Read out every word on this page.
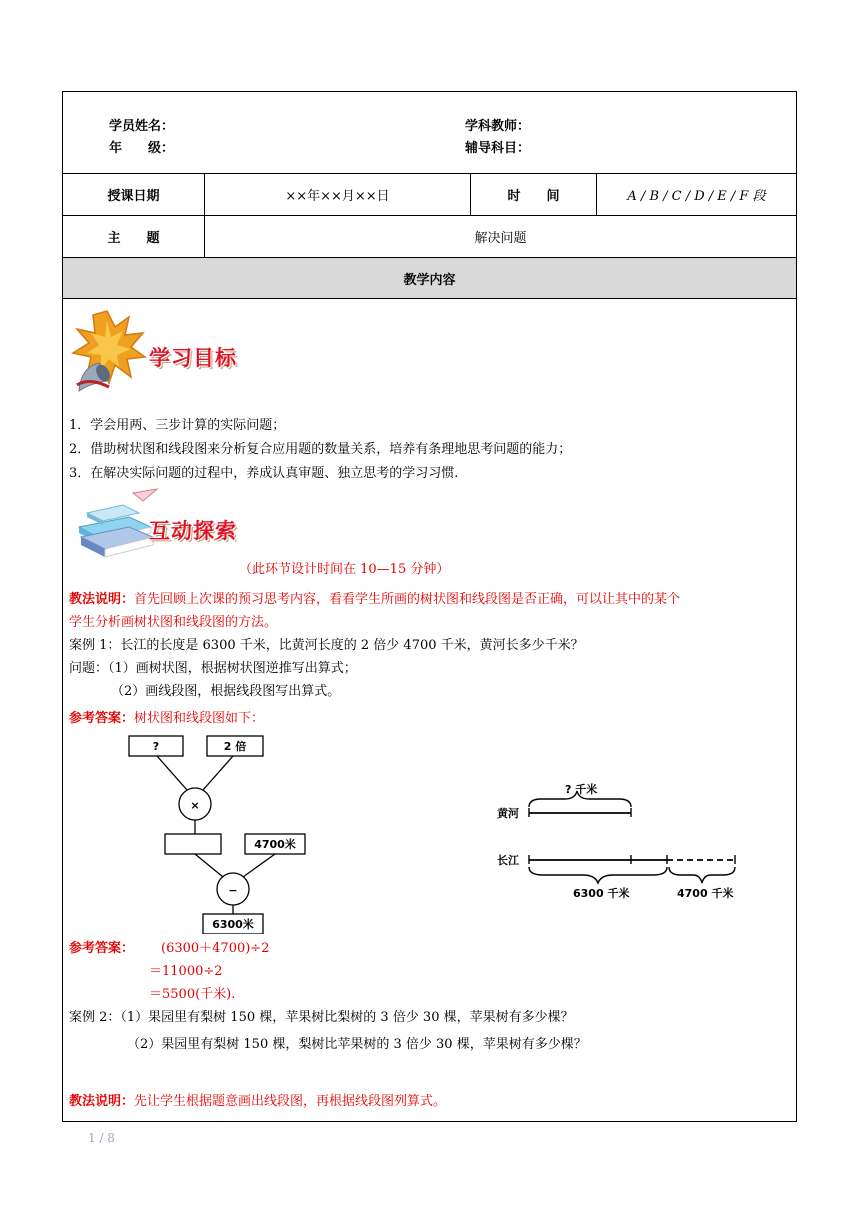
学员姓名：
年　　级：
学科教师：
辅导科目：
授课日期	××年××月××日	时　　间	A / B / C / D / E / F 段
主　　题	解决问题
教学内容
学习目标
1．学会用两、三步计算的实际问题；
2．借助树状图和线段图来分析复合应用题的数量关系，培养有条理地思考问题的能力；
3．在解决实际问题的过程中，养成认真审题、独立思考的学习习惯.
互动探索
（此环节设计时间在 10—15 分钟）
教法说明：首先回顾上次课的预习思考内容，看看学生所画的树状图和线段图是否正确，可以让其中的某个
学生分析画树状图和线段图的方法。
案例 1：长江的长度是 6300 千米，比黄河长度的 2 倍少 4700 千米，黄河长多少千米？
问题：（1）画树状图，根据树状图逆推写出算式；
（2）画线段图，根据线段图写出算式。
参考答案：树状图和线段图如下：
?	2 倍
×
4700米
−
6300米
? 千米
黄河
长江
6300 千米	4700 千米
参考答案： (6300＋4700)÷2
＝11000÷2
＝5500(千米).
案例 2：（1）果园里有梨树 150 棵，苹果树比梨树的 3 倍少 30 棵，苹果树有多少棵？
（2）果园里有梨树 150 棵，梨树比苹果树的 3 倍少 30 棵，苹果树有多少棵？
教法说明：先让学生根据题意画出线段图，再根据线段图列算式。
1 / 8
